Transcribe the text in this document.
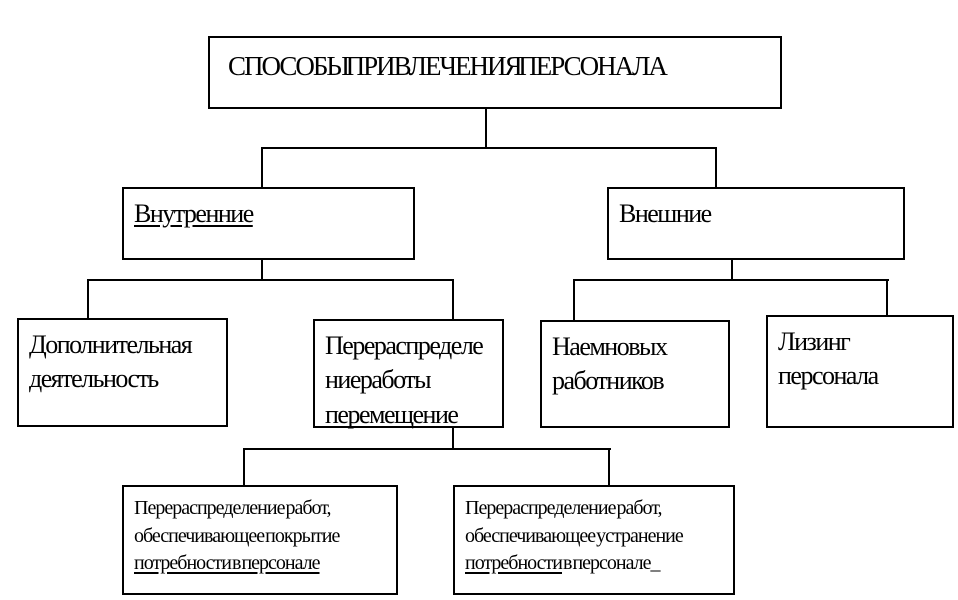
СПОСОБЫ ПРИВЛЕЧЕНИЯ ПЕРСОНАЛА
Внутренние	Внешние
Дополнительная
деятельность
Перераспределе
ние работы
перемещение
Наем новых
работников
Лизинг
персонала
Перераспределение работ,
обеспечивающее покрытие
потребности в персонале
Перераспределение работ,
обеспечивающее устранение
потребности в персонале_
